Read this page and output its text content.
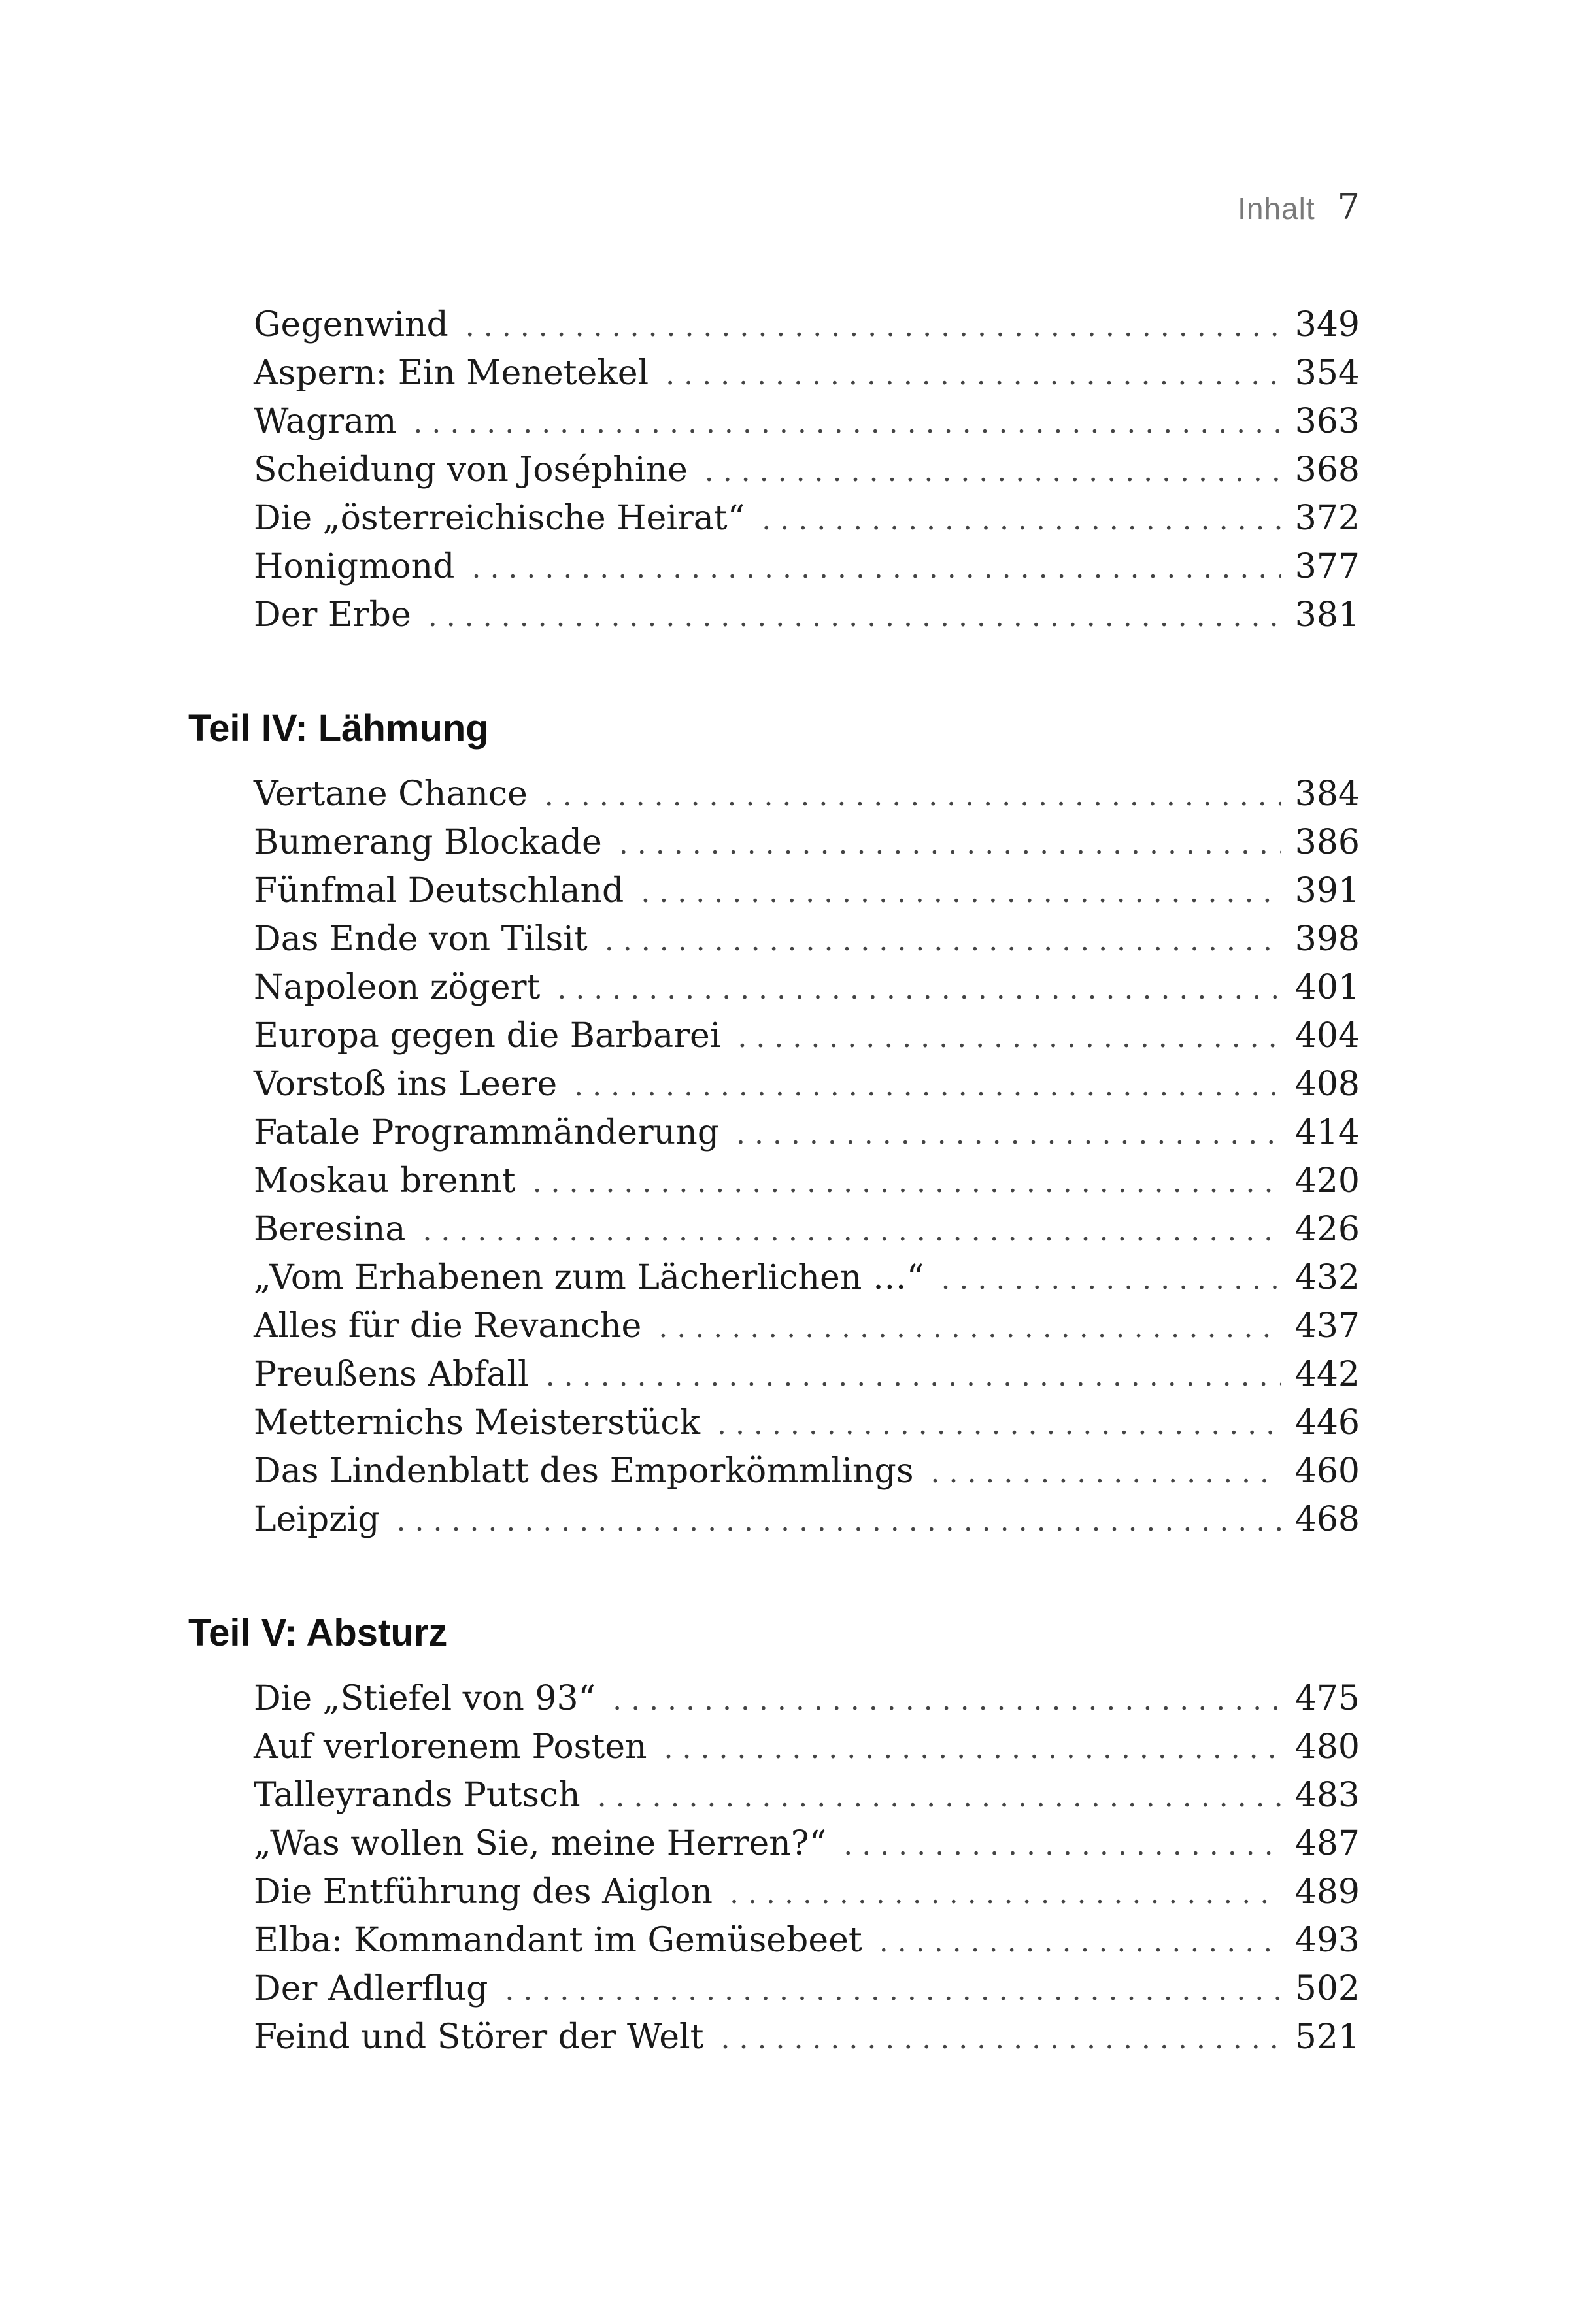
Inhalt 7
Gegenwind . . .	349
Aspern: Ein Menetekel . . .	354
Wagram . . .	363
Scheidung von Joséphine . . .	368
Die „österreichische Heirat“ . . .	372
Honigmond . . .	377
Der Erbe . . .	381
Teil IV: Lähmung
Vertane Chance . . .	384
Bumerang Blockade . . .	386
Fünfmal Deutschland . . .	391
Das Ende von Tilsit . . .	398
Napoleon zögert . . .	401
Europa gegen die Barbarei . . .	404
Vorstoß ins Leere . . .	408
Fatale Programmänderung . . .	414
Moskau brennt . . .	420
Beresina . . .	426
„Vom Erhabenen zum Lächerlichen …“ . . .	432
Alles für die Revanche . . .	437
Preußens Abfall . . .	442
Metternichs Meisterstück . . .	446
Das Lindenblatt des Emporkömmlings . . .	460
Leipzig . . .	468
Teil V: Absturz
Die „Stiefel von 93“ . . .	475
Auf verlorenem Posten . . .	480
Talleyrands Putsch . . .	483
„Was wollen Sie, meine Herren?“ . . .	487
Die Entführung des Aiglon . . .	489
Elba: Kommandant im Gemüsebeet . . .	493
Der Adlerflug . . .	502
Feind und Störer der Welt . . .	521
